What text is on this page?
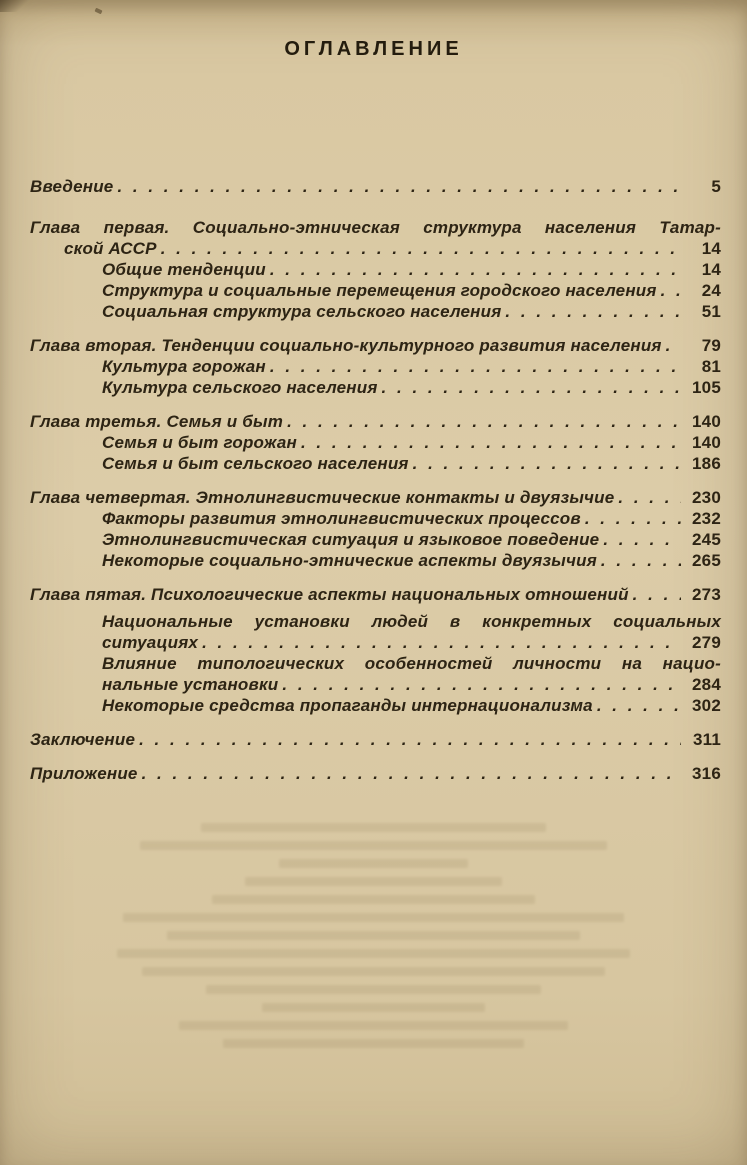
ОГЛАВЛЕНИЕ
Введение . . .	5
Глава первая. Социально-этническая структура населения Татар-
ской АССР . . .	14
Общие тенденции . . .	14
Структура и социальные перемещения городского населения . . .	24
Социальная структура сельского населения . . .	51
Глава вторая. Тенденции социально-культурного развития населения . . .	79
Культура горожан . . .	81
Культура сельского населения . . .	105
Глава третья. Семья и быт . . .	140
Семья и быт горожан . . .	140
Семья и быт сельского населения . . .	186
Глава четвертая. Этнолингвистические контакты и двуязычие . . .	230
Факторы развития этнолингвистических процессов . . .	232
Этнолингвистическая ситуация и языковое поведение . . .	245
Некоторые социально-этнические аспекты двуязычия . . .	265
Глава пятая. Психологические аспекты национальных отношений . . .	273
Национальные установки людей в конкретных социальных
ситуациях . . .	279
Влияние типологических особенностей личности на нацио-
нальные установки . . .	284
Некоторые средства пропаганды интернационализма . . .	302
Заключение . . .	311
Приложение . . .	316
